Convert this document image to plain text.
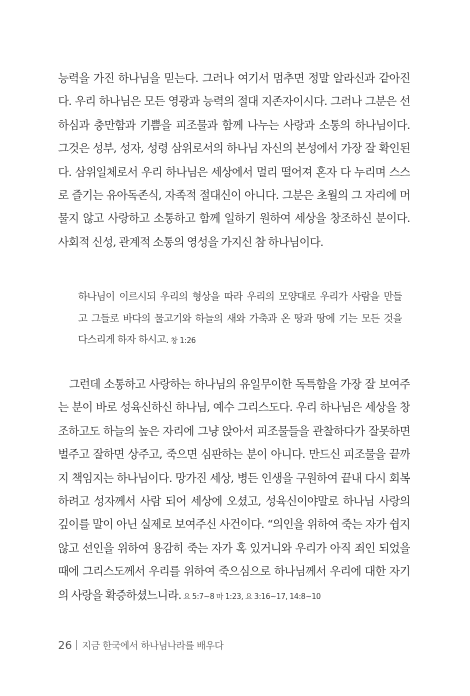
능력을 가진 하나님을 믿는다. 그러나 여기서 멈추면 정말 알라신과 같아진
다. 우리 하나님은 모든 영광과 능력의 절대 지존자이시다. 그러나 그분은 선
하심과 충만함과 기쁨을 피조물과 함께 나누는 사랑과 소통의 하나님이다.
그것은 성부, 성자, 성령 삼위로서의 하나님 자신의 본성에서 가장 잘 확인된
다. 삼위일체로서 우리 하나님은 세상에서 멀리 떨어져 혼자 다 누리며 스스
로 즐기는 유아독존식, 자족적 절대신이 아니다. 그분은 초월의 그 자리에 머
물지 않고 사랑하고 소통하고 함께 일하기 원하여 세상을 창조하신 분이다.
사회적 신성, 관계적 소통의 영성을 가지신 참 하나님이다.
하나님이 이르시되 우리의 형상을 따라 우리의 모양대로 우리가 사람을 만들
고 그들로 바다의 물고기와 하늘의 새와 가축과 온 땅과 땅에 기는 모든 것을
다스리게 하자 하시고. 창 1:26
그런데 소통하고 사랑하는 하나님의 유일무이한 독특함을 가장 잘 보여주
는 분이 바로 성육신하신 하나님, 예수 그리스도다. 우리 하나님은 세상을 창
조하고도 하늘의 높은 자리에 그냥 앉아서 피조물들을 관찰하다가 잘못하면
벌주고 잘하면 상주고, 죽으면 심판하는 분이 아니다. 만드신 피조물을 끝까
지 책임지는 하나님이다. 망가진 세상, 병든 인생을 구원하여 끝내 다시 회복
하려고 성자께서 사람 되어 세상에 오셨고, 성육신이야말로 하나님 사랑의
깊이를 말이 아닌 실제로 보여주신 사건이다. “의인을 위하여 죽는 자가 쉽지
않고 선인을 위하여 용감히 죽는 자가 혹 있거니와 우리가 아직 죄인 되었을
때에 그리스도께서 우리를 위하여 죽으심으로 하나님께서 우리에 대한 자기
의 사랑을 확증하셨느니라. 요 5:7~8 마 1:23, 요 3:16~17, 14:8~10
26 지금 한국에서 하나님나라를 배우다
